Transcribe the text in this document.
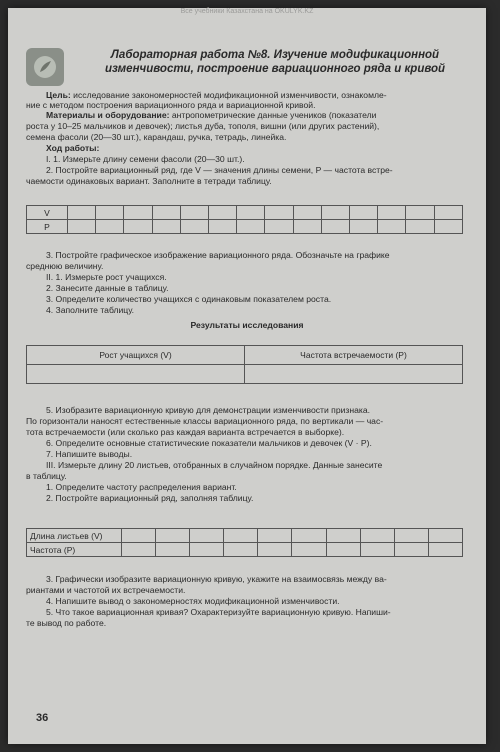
Все учебники Казахстана на OKULYK.KZ
Лабораторная работа №8. Изучение модификационной
изменчивости, построение вариационного ряда и кривой
Цель: исследование закономерностей модификационной изменчивости, ознакомле-
ние с методом построения вариационного ряда и вариационной кривой.
Материалы и оборудование: антропометрические данные учеников (показатели
роста у 10–25 мальчиков и девочек); листья дуба, тополя, вишни (или других растений),
семена фасоли (20—30 шт.), карандаш, ручка, тетрадь, линейка.
Ход работы:
I. 1. Измерьте длину семени фасоли (20—30 шт.).
2. Постройте вариационный ряд, где V — значения длины семени, P — частота встре-
чаемости одинаковых вариант. Заполните в тетради таблицу.
V														
P														
3. Постройте графическое изображение вариационного ряда. Обозначьте на графике
среднюю величину.
II. 1. Измерьте рост учащихся.
2. Занесите данные в таблицу.
3. Определите количество учащихся с одинаковым показателем роста.
4. Заполните таблицу.
Результаты исследования
Рост учащихся (V)	Частота встречаемости (P)

5. Изобразите вариационную кривую для демонстрации изменчивости признака.
По горизонтали наносят естественные классы вариационного ряда, по вертикали — час-
тота встречаемости (или сколько раз каждая варианта встречается в выборке).
6. Определите основные статистические показатели мальчиков и девочек (V · P).
7. Напишите выводы.
III. Измерьте длину 20 листьев, отобранных в случайном порядке. Данные занесите
в таблицу.
1. Определите частоту распределения вариант.
2. Постройте вариационный ряд, заполняя таблицу.
Длина листьев (V)										
Частота (P)										
3. Графически изобразите вариационную кривую, укажите на взаимосвязь между ва-
риантами и частотой их встречаемости.
4. Напишите вывод о закономерностях модификационной изменчивости.
5. Что такое вариационная кривая? Охарактеризуйте вариационную кривую. Напиши-
те вывод по работе.
36
